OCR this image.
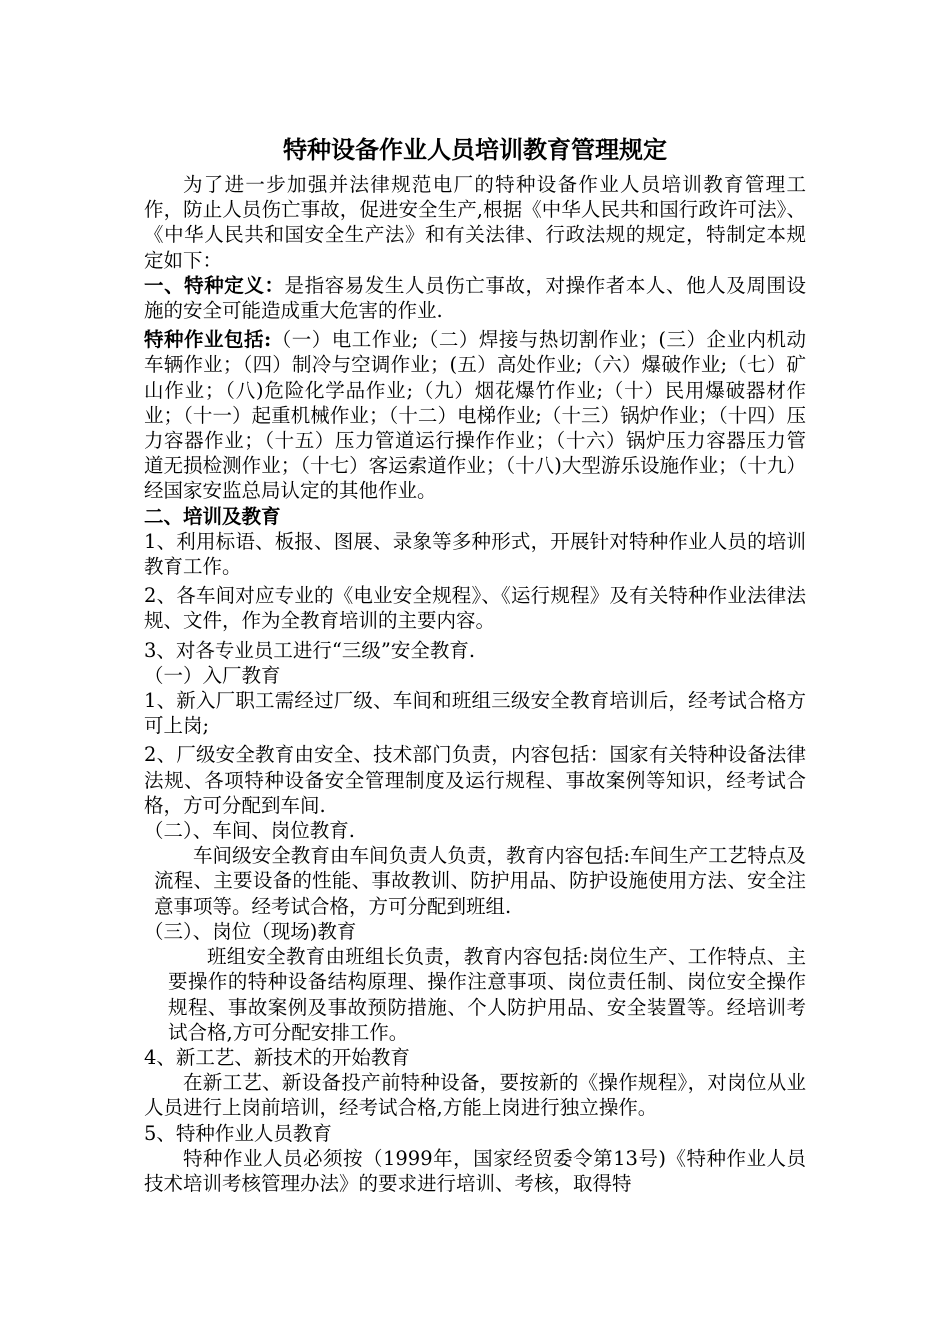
特种设备作业人员培训教育管理规定

为了进一步加强并法律规范电厂的特种设备作业人员培训教育管理工作，防止人员伤亡事故，促进安全生产,根据《中华人民共和国行政许可法》、《中华人民共和国安全生产法》和有关法律、行政法规的规定，特制定本规定如下：

一、特种定义：是指容易发生人员伤亡事故，对操作者本人、他人及周围设施的安全可能造成重大危害的作业.

特种作业包括:（一）电工作业;（二）焊接与热切割作业；(三）企业内机动车辆作业；（四）制冷与空调作业；(五）高处作业;（六）爆破作业;（七）矿山作业；（八)危险化学品作业;（九）烟花爆竹作业;（十）民用爆破器材作业；（十一）起重机械作业；（十二）电梯作业;（十三）锅炉作业；（十四）压力容器作业；（十五）压力管道运行操作作业；（十六）锅炉压力容器压力管道无损检测作业；（十七）客运索道作业；（十八)大型游乐设施作业；（十九）经国家安监总局认定的其他作业。

二、培训及教育

1、利用标语、板报、图展、录象等多种形式，开展针对特种作业人员的培训教育工作。

2、各车间对应专业的《电业安全规程》、《运行规程》及有关特种作业法律法规、文件，作为全教育培训的主要内容。

3、对各专业员工进行“三级”安全教育.

（一）入厂教育

1、新入厂职工需经过厂级、车间和班组三级安全教育培训后，经考试合格方可上岗;

2、厂级安全教育由安全、技术部门负责，内容包括：国家有关特种设备法律法规、各项特种设备安全管理制度及运行规程、事故案例等知识，经考试合格，方可分配到车间.

（二）、车间、岗位教育.

车间级安全教育由车间负责人负责，教育内容包括:车间生产工艺特点及流程、主要设备的性能、事故教训、防护用品、防护设施使用方法、安全注意事项等。经考试合格，方可分配到班组.

（三）、岗位（现场)教育

班组安全教育由班组长负责，教育内容包括:岗位生产、工作特点、主要操作的特种设备结构原理、操作注意事项、岗位责任制、岗位安全操作规程、事故案例及事故预防措施、个人防护用品、安全装置等。经培训考试合格,方可分配安排工作。

4、新工艺、新技术的开始教育

在新工艺、新设备投产前特种设备，要按新的《操作规程》，对岗位从业人员进行上岗前培训，经考试合格,方能上岗进行独立操作。

5、特种作业人员教育

特种作业人员必须按（1999年，国家经贸委令第13号)《特种作业人员技术培训考核管理办法》的要求进行培训、考核，取得特
